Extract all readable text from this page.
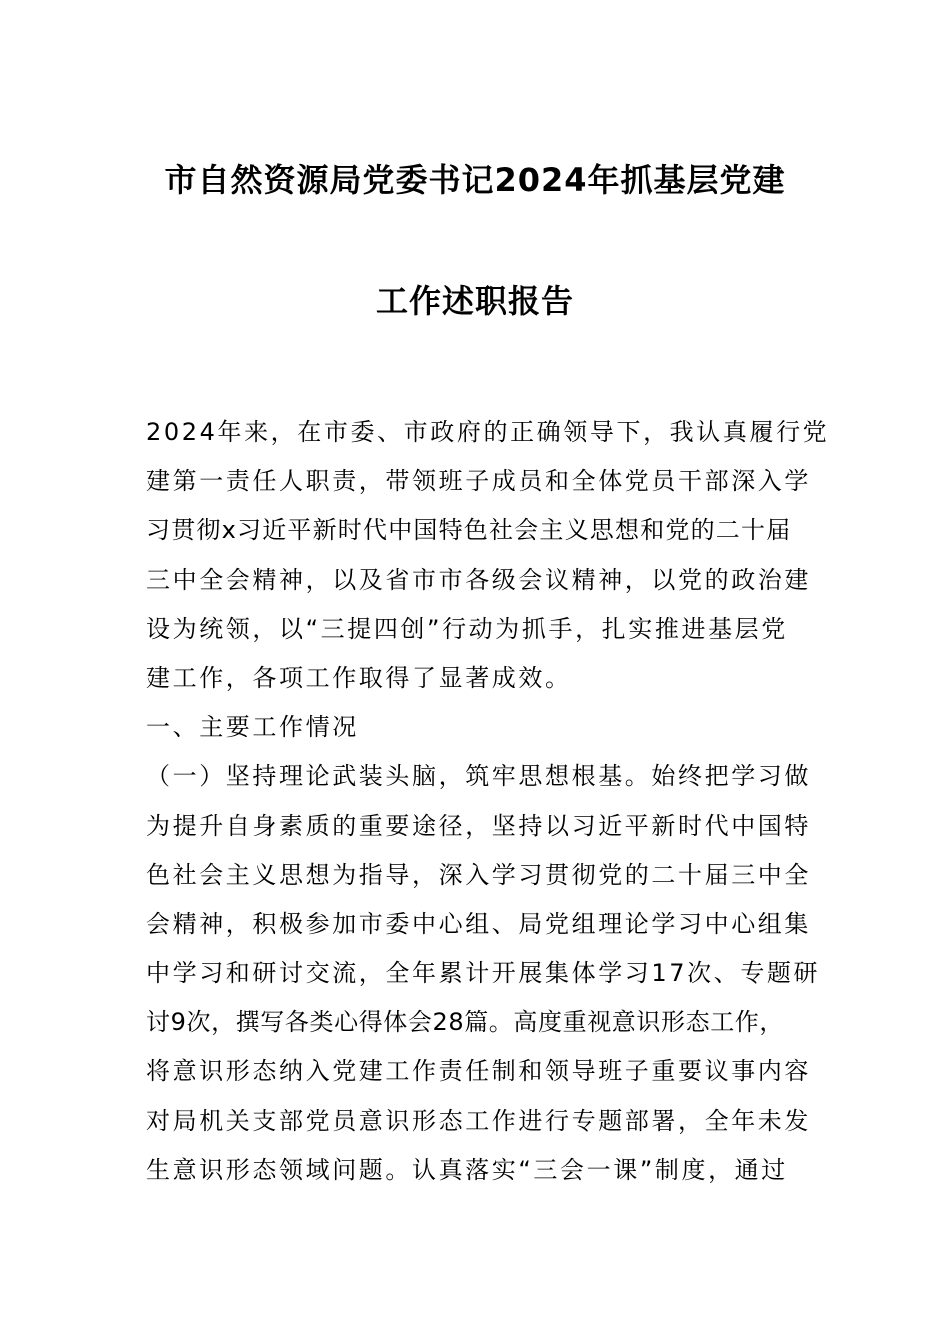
市自然资源局党委书记2024年抓基层党建
工作述职报告
2024年来，在市委、市政府的正确领导下，我认真履行党
建第一责任人职责，带领班子成员和全体党员干部深入学
习贯彻x习近平新时代中国特色社会主义思想和党的二十届
三中全会精神，以及省市市各级会议精神，以党的政治建
设为统领，以“三提四创”行动为抓手，扎实推进基层党
建工作，各项工作取得了显著成效。
一、主要工作情况
（一）坚持理论武装头脑，筑牢思想根基。始终把学习做
为提升自身素质的重要途径，坚持以习近平新时代中国特
色社会主义思想为指导，深入学习贯彻党的二十届三中全
会精神，积极参加市委中心组、局党组理论学习中心组集
中学习和研讨交流，全年累计开展集体学习17次、专题研
讨9次，撰写各类心得体会28篇。高度重视意识形态工作，
将意识形态纳入党建工作责任制和领导班子重要议事内容
对局机关支部党员意识形态工作进行专题部署，全年未发
生意识形态领域问题。认真落实“三会一课”制度，通过
